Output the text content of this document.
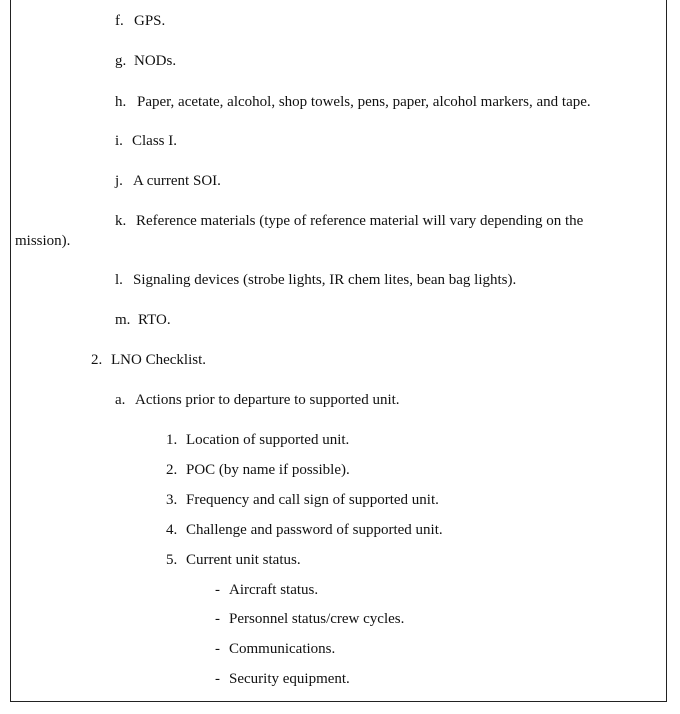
f. GPS.
g. NODs.
h. Paper, acetate, alcohol, shop towels, pens, paper, alcohol markers, and tape.
i. Class I.
j. A current SOI.
k. Reference materials (type of reference material will vary depending on the
mission).
l. Signaling devices (strobe lights, IR chem lites, bean bag lights).
m. RTO.
2. LNO Checklist.
a. Actions prior to departure to supported unit.
1. Location of supported unit.
2. POC (by name if possible).
3. Frequency and call sign of supported unit.
4. Challenge and password of supported unit.
5. Current unit status.
- Aircraft status.
- Personnel status/crew cycles.
- Communications.
- Security equipment.
